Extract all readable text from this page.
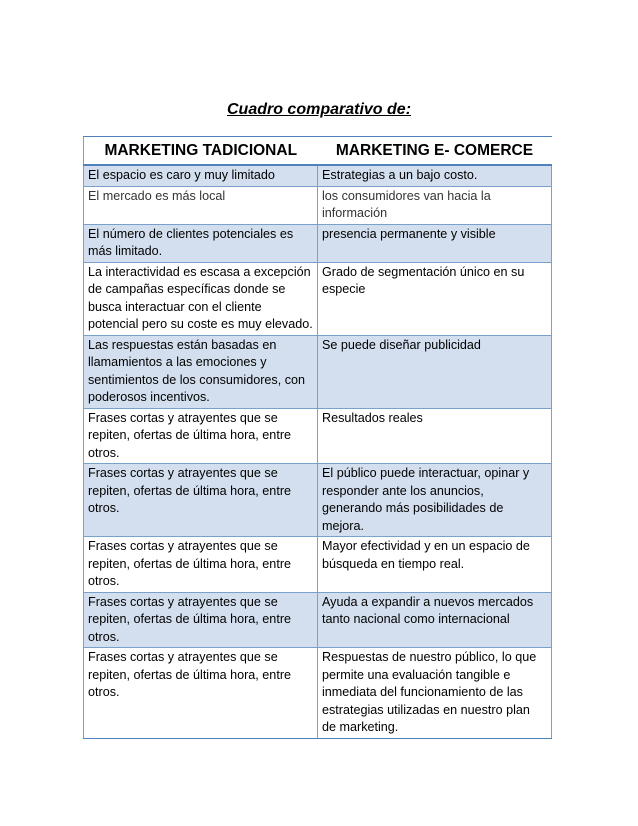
Cuadro comparativo de:
MARKETING TADICIONAL	MARKETING E- COMERCE
El espacio es caro y muy limitado	Estrategias a un bajo costo.
El mercado es más local	los consumidores van hacia la información
El número de clientes potenciales es más limitado.	presencia permanente y visible
La interactividad es escasa a excepción de campañas específicas donde se busca interactuar con el cliente potencial pero su coste es muy elevado.	Grado de segmentación único en su especie
Las respuestas están basadas en llamamientos a las emociones y sentimientos de los consumidores, con poderosos incentivos.	Se puede diseñar publicidad
Frases cortas y atrayentes que se repiten, ofertas de última hora, entre otros.	Resultados reales
Frases cortas y atrayentes que se repiten, ofertas de última hora, entre otros.	El público puede interactuar, opinar y responder ante los anuncios, generando más posibilidades de mejora.
Frases cortas y atrayentes que se repiten, ofertas de última hora, entre otros.	Mayor efectividad y en un espacio de búsqueda en tiempo real.
Frases cortas y atrayentes que se repiten, ofertas de última hora, entre otros.	Ayuda a expandir a nuevos mercados tanto nacional como internacional
Frases cortas y atrayentes que se repiten, ofertas de última hora, entre otros.	Respuestas de nuestro público, lo que permite una evaluación tangible e inmediata del funcionamiento de las estrategias utilizadas en nuestro plan de marketing.
